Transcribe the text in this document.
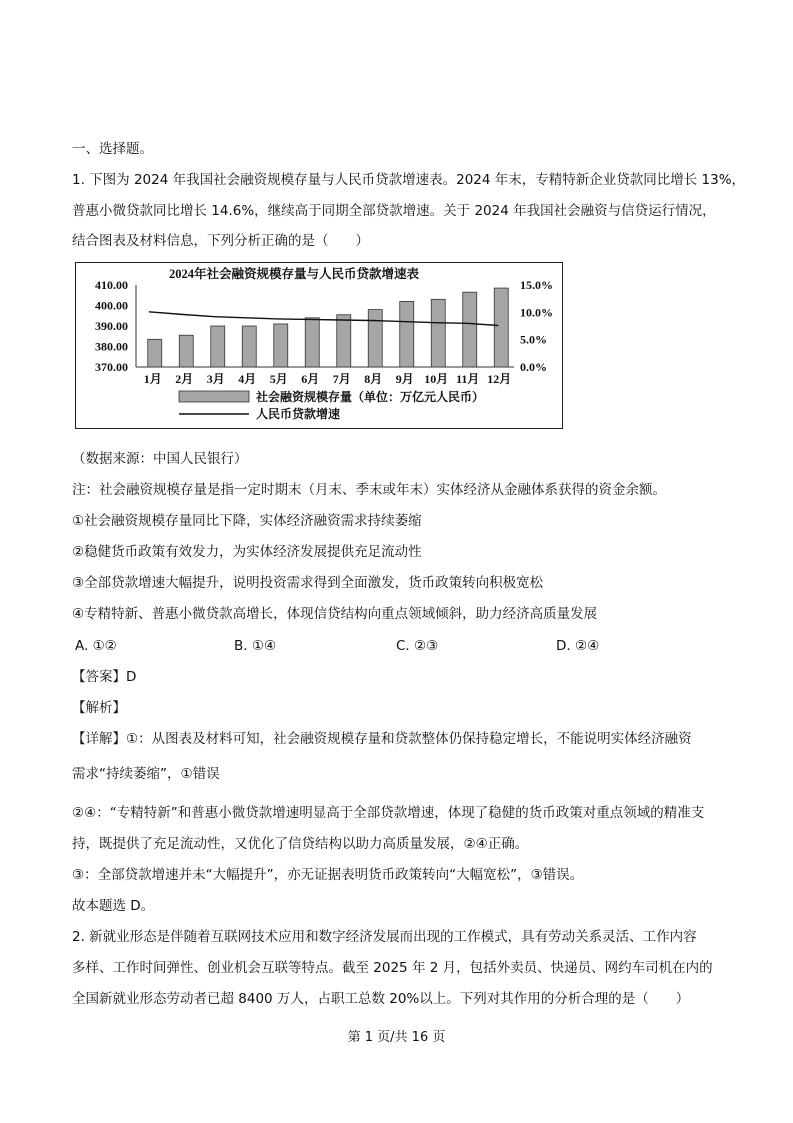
一、选择题。
1. 下图为 2024 年我国社会融资规模存量与人民币贷款增速表。2024 年末，专精特新企业贷款同比增长 13%，
普惠小微贷款同比增长 14.6%，继续高于同期全部贷款增速。关于 2024 年我国社会融资与信贷运行情况，
结合图表及材料信息，下列分析正确的是（　　）
2024年社会融资规模存量与人民币贷款增速表
410.00
400.00
390.00
380.00
370.00
15.0%
10.0%
5.0%
0.0%
1月 2月 3月 4月 5月 6月 7月 8月 9月 10月 11月 12月
社会融资规模存量（单位：万亿元人民币）
人民币贷款增速
（数据来源：中国人民银行）
注：社会融资规模存量是指一定时期末（月末、季末或年末）实体经济从金融体系获得的资金余额。
①社会融资规模存量同比下降，实体经济融资需求持续萎缩
②稳健货币政策有效发力，为实体经济发展提供充足流动性
③全部贷款增速大幅提升，说明投资需求得到全面激发，货币政策转向积极宽松
④专精特新、普惠小微贷款高增长，体现信贷结构向重点领域倾斜，助力经济高质量发展
A. ①②	B. ①④	C. ②③	D. ②④
【答案】D
【解析】
【详解】①：从图表及材料可知，社会融资规模存量和贷款整体仍保持稳定增长，不能说明实体经济融资
需求“持续萎缩”，①错误
②④：“专精特新”和普惠小微贷款增速明显高于全部贷款增速，体现了稳健的货币政策对重点领域的精准支
持，既提供了充足流动性，又优化了信贷结构以助力高质量发展，②④正确。
③：全部贷款增速并未“大幅提升”，亦无证据表明货币政策转向“大幅宽松”，③错误。
故本题选 D。
2. 新就业形态是伴随着互联网技术应用和数字经济发展而出现的工作模式，具有劳动关系灵活、工作内容
多样、工作时间弹性、创业机会互联等特点。截至 2025 年 2 月，包括外卖员、快递员、网约车司机在内的
全国新就业形态劳动者已超 8400 万人，占职工总数 20%以上。下列对其作用的分析合理的是（　　）
第 1 页/共 16 页
